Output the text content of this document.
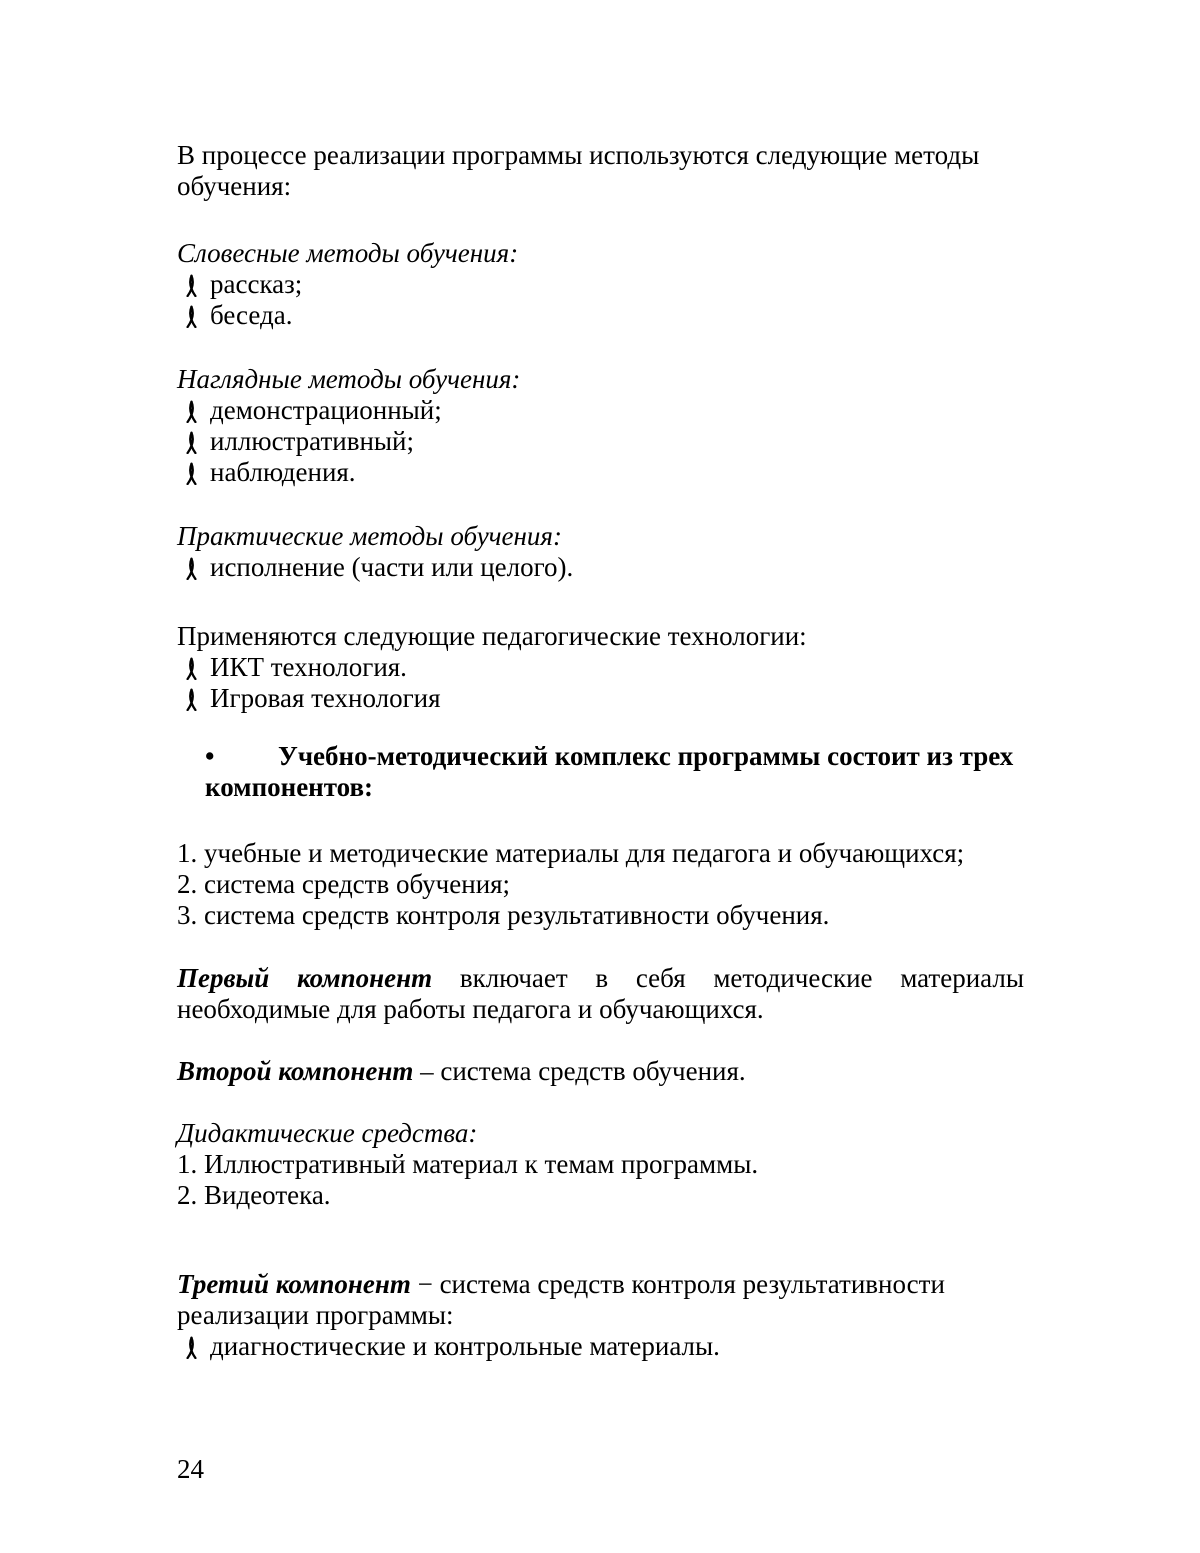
В процессе реализации программы используются следующие методы
обучения:
Словесные методы обучения:
рассказ;
беседа.
Наглядные методы обучения:
демонстрационный;
иллюстративный;
наблюдения.
Практические методы обучения:
исполнение (части или целого).
Применяются следующие педагогические технологии:
ИКТ технология.
Игровая технология
• Учебно-методический комплекс программы состоит из трех
компонентов:
1. учебные и методические материалы для педагога и обучающихся;
2. система средств обучения;
3. система средств контроля результативности обучения.
Первый компонент включает в себя методические материалы
необходимые для работы педагога и обучающихся.
Второй компонент – система средств обучения.
Дидактические средства:
1. Иллюстративный материал к темам программы.
2. Видеотека.
Третий компонент − система средств контроля результативности
реализации программы:
диагностические и контрольные материалы.
24
